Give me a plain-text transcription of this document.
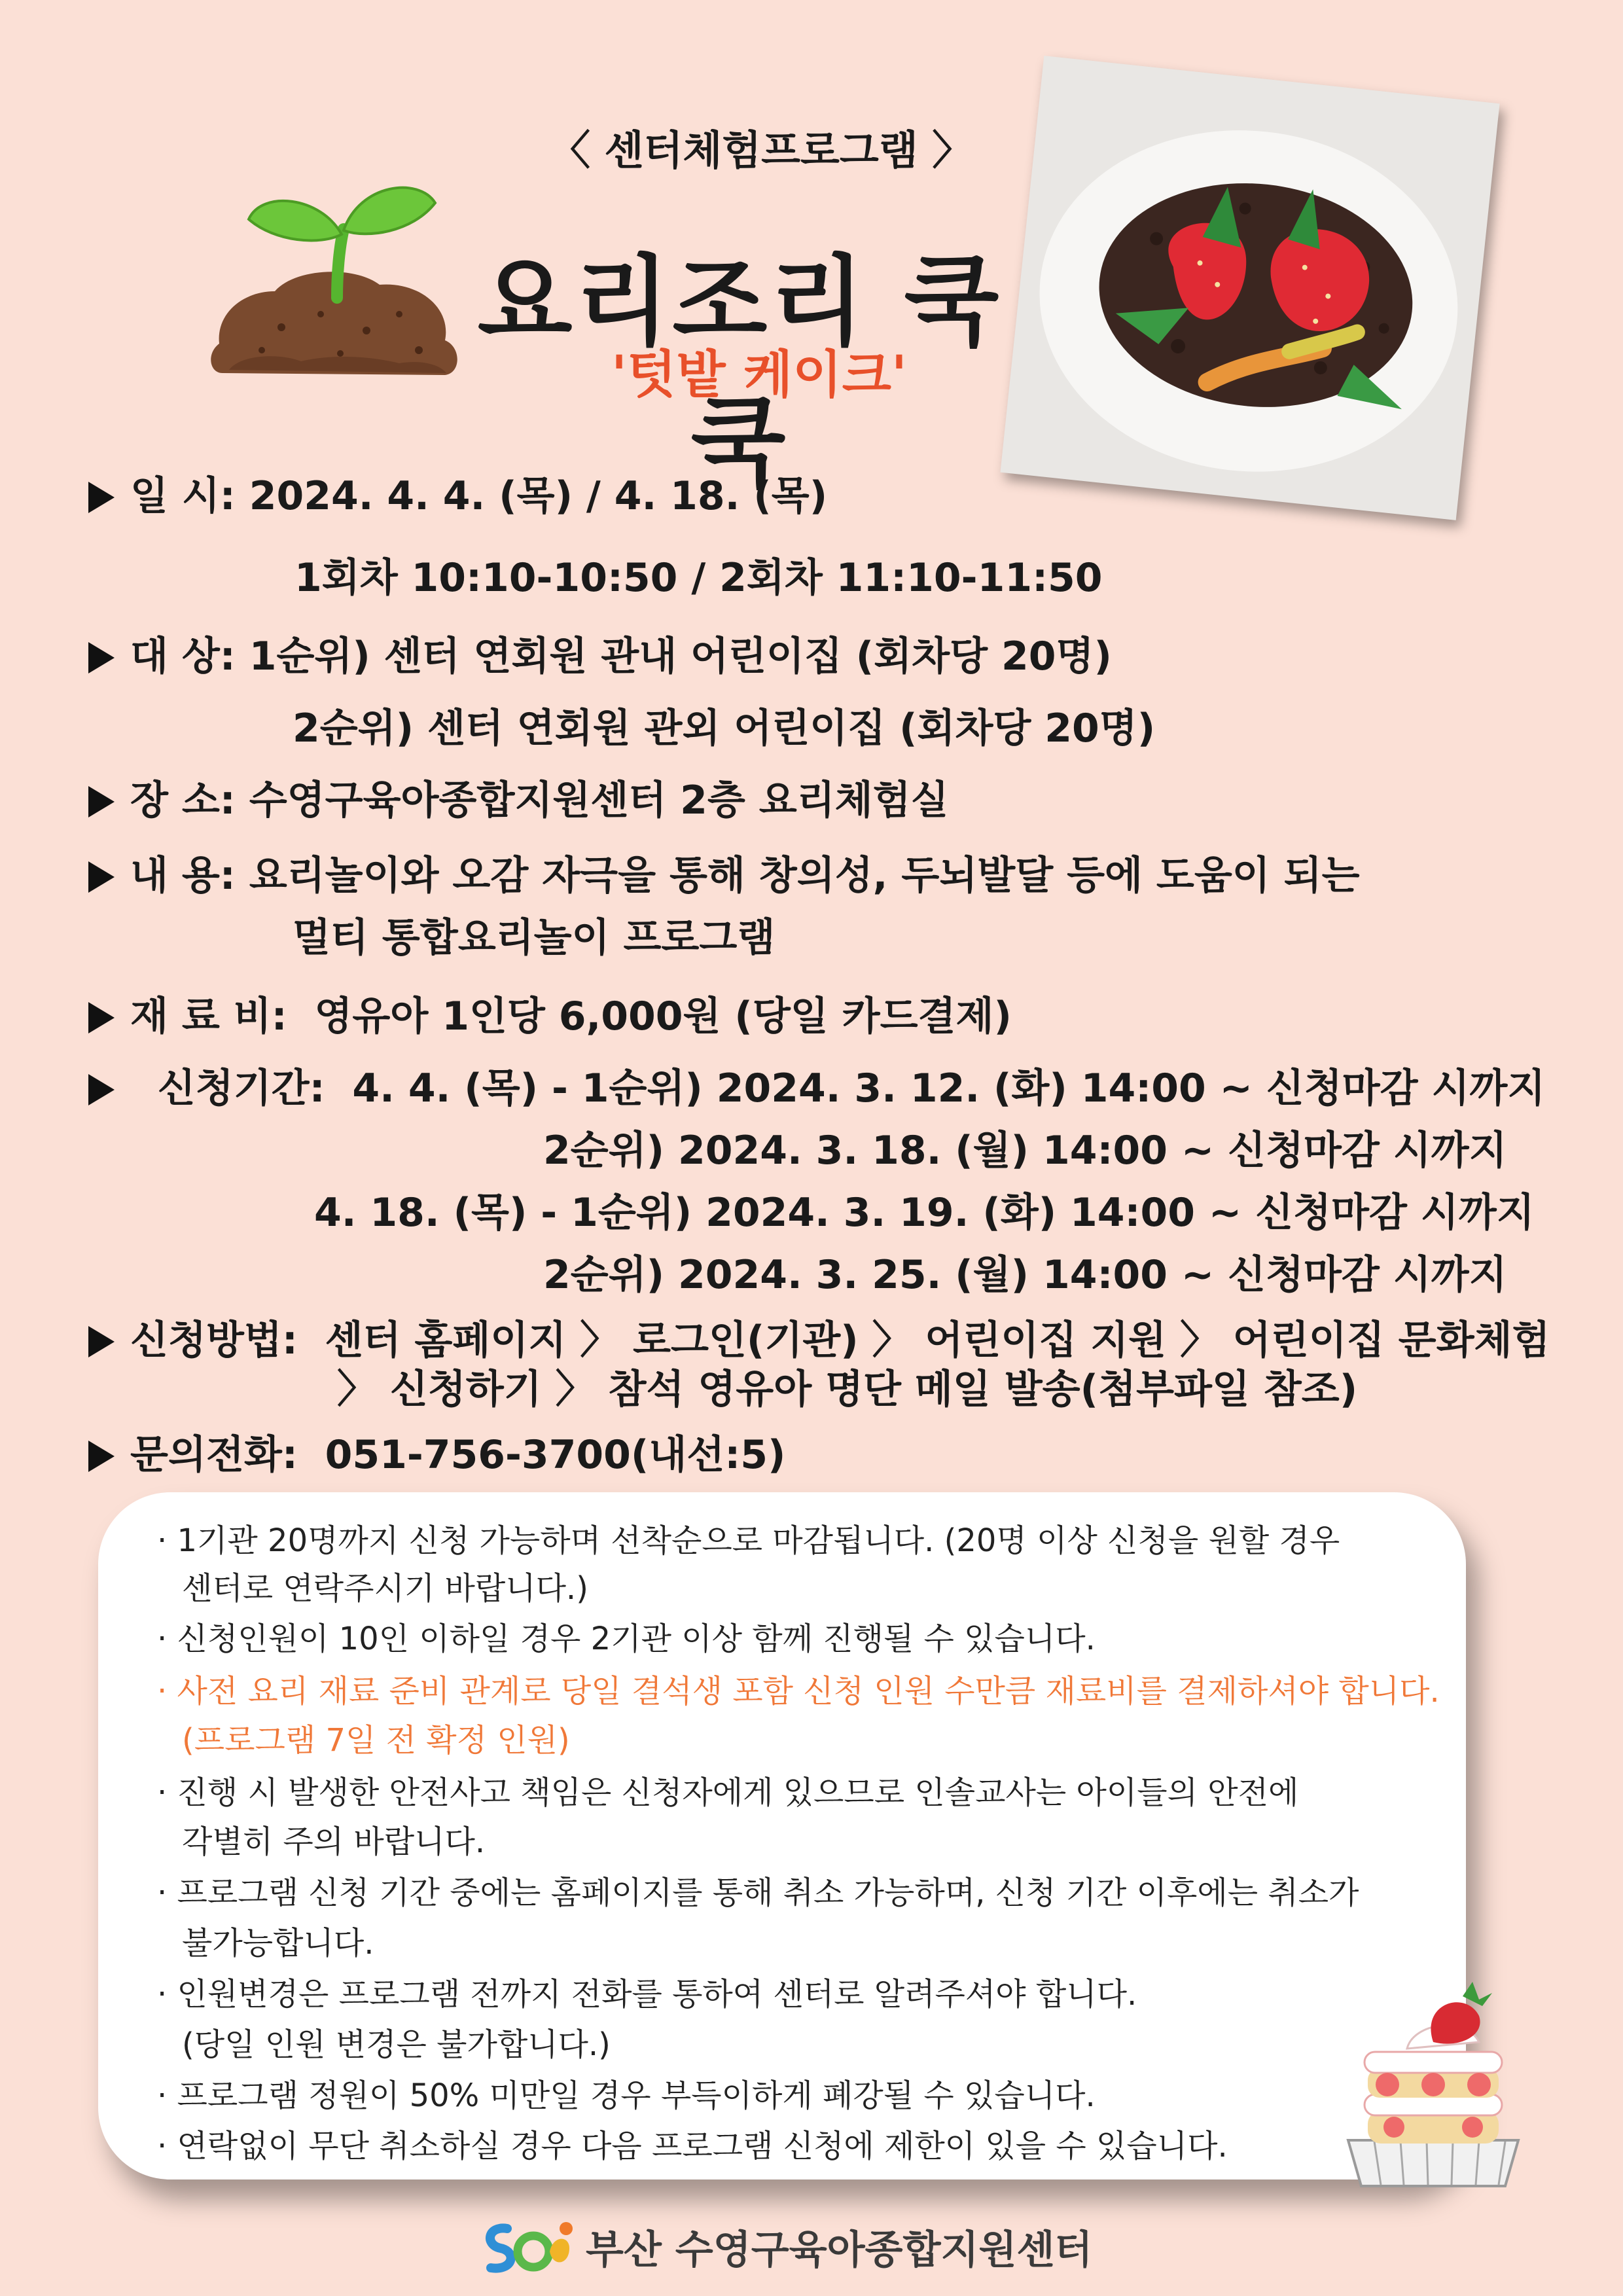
〈 센터체험프로그램 〉
요리조리 쿡쿡
'텃밭 케이크'
일 시: 2024. 4. 4. (목) / 4. 18. (목)
1회차 10:10-10:50 / 2회차 11:10-11:50
대 상: 1순위) 센터 연회원 관내 어린이집 (회차당 20명)
2순위) 센터 연회원 관외 어린이집 (회차당 20명)
장 소: 수영구육아종합지원센터 2층 요리체험실
내 용: 요리놀이와 오감 자극을 통해 창의성, 두뇌발달 등에 도움이 되는
멀티 통합요리놀이 프로그램
재 료 비: 영유아 1인당 6,000원 (당일 카드결제)
신청기간: 4. 4. (목) - 1순위) 2024. 3. 12. (화) 14:00 ~ 신청마감 시까지
2순위) 2024. 3. 18. (월) 14:00 ~ 신청마감 시까지
4. 18. (목) - 1순위) 2024. 3. 19. (화) 14:00 ~ 신청마감 시까지
2순위) 2024. 3. 25. (월) 14:00 ~ 신청마감 시까지
신청방법: 센터 홈페이지 〉 로그인(기관) 〉 어린이집 지원 〉 어린이집 문화체험
〉 신청하기 〉 참석 영유아 명단 메일 발송(첨부파일 참조)
문의전화: 051-756-3700(내선:5)
· 1기관 20명까지 신청 가능하며 선착순으로 마감됩니다. (20명 이상 신청을 원할 경우
센터로 연락주시기 바랍니다.)
· 신청인원이 10인 이하일 경우 2기관 이상 함께 진행될 수 있습니다.
· 사전 요리 재료 준비 관계로 당일 결석생 포함 신청 인원 수만큼 재료비를 결제하셔야 합니다.
(프로그램 7일 전 확정 인원)
· 진행 시 발생한 안전사고 책임은 신청자에게 있으므로 인솔교사는 아이들의 안전에
각별히 주의 바랍니다.
· 프로그램 신청 기간 중에는 홈페이지를 통해 취소 가능하며, 신청 기간 이후에는 취소가
불가능합니다.
· 인원변경은 프로그램 전까지 전화를 통하여 센터로 알려주셔야 합니다.
(당일 인원 변경은 불가합니다.)
· 프로그램 정원이 50% 미만일 경우 부득이하게 폐강될 수 있습니다.
· 연락없이 무단 취소하실 경우 다음 프로그램 신청에 제한이 있을 수 있습니다.
부산 수영구육아종합지원센터
